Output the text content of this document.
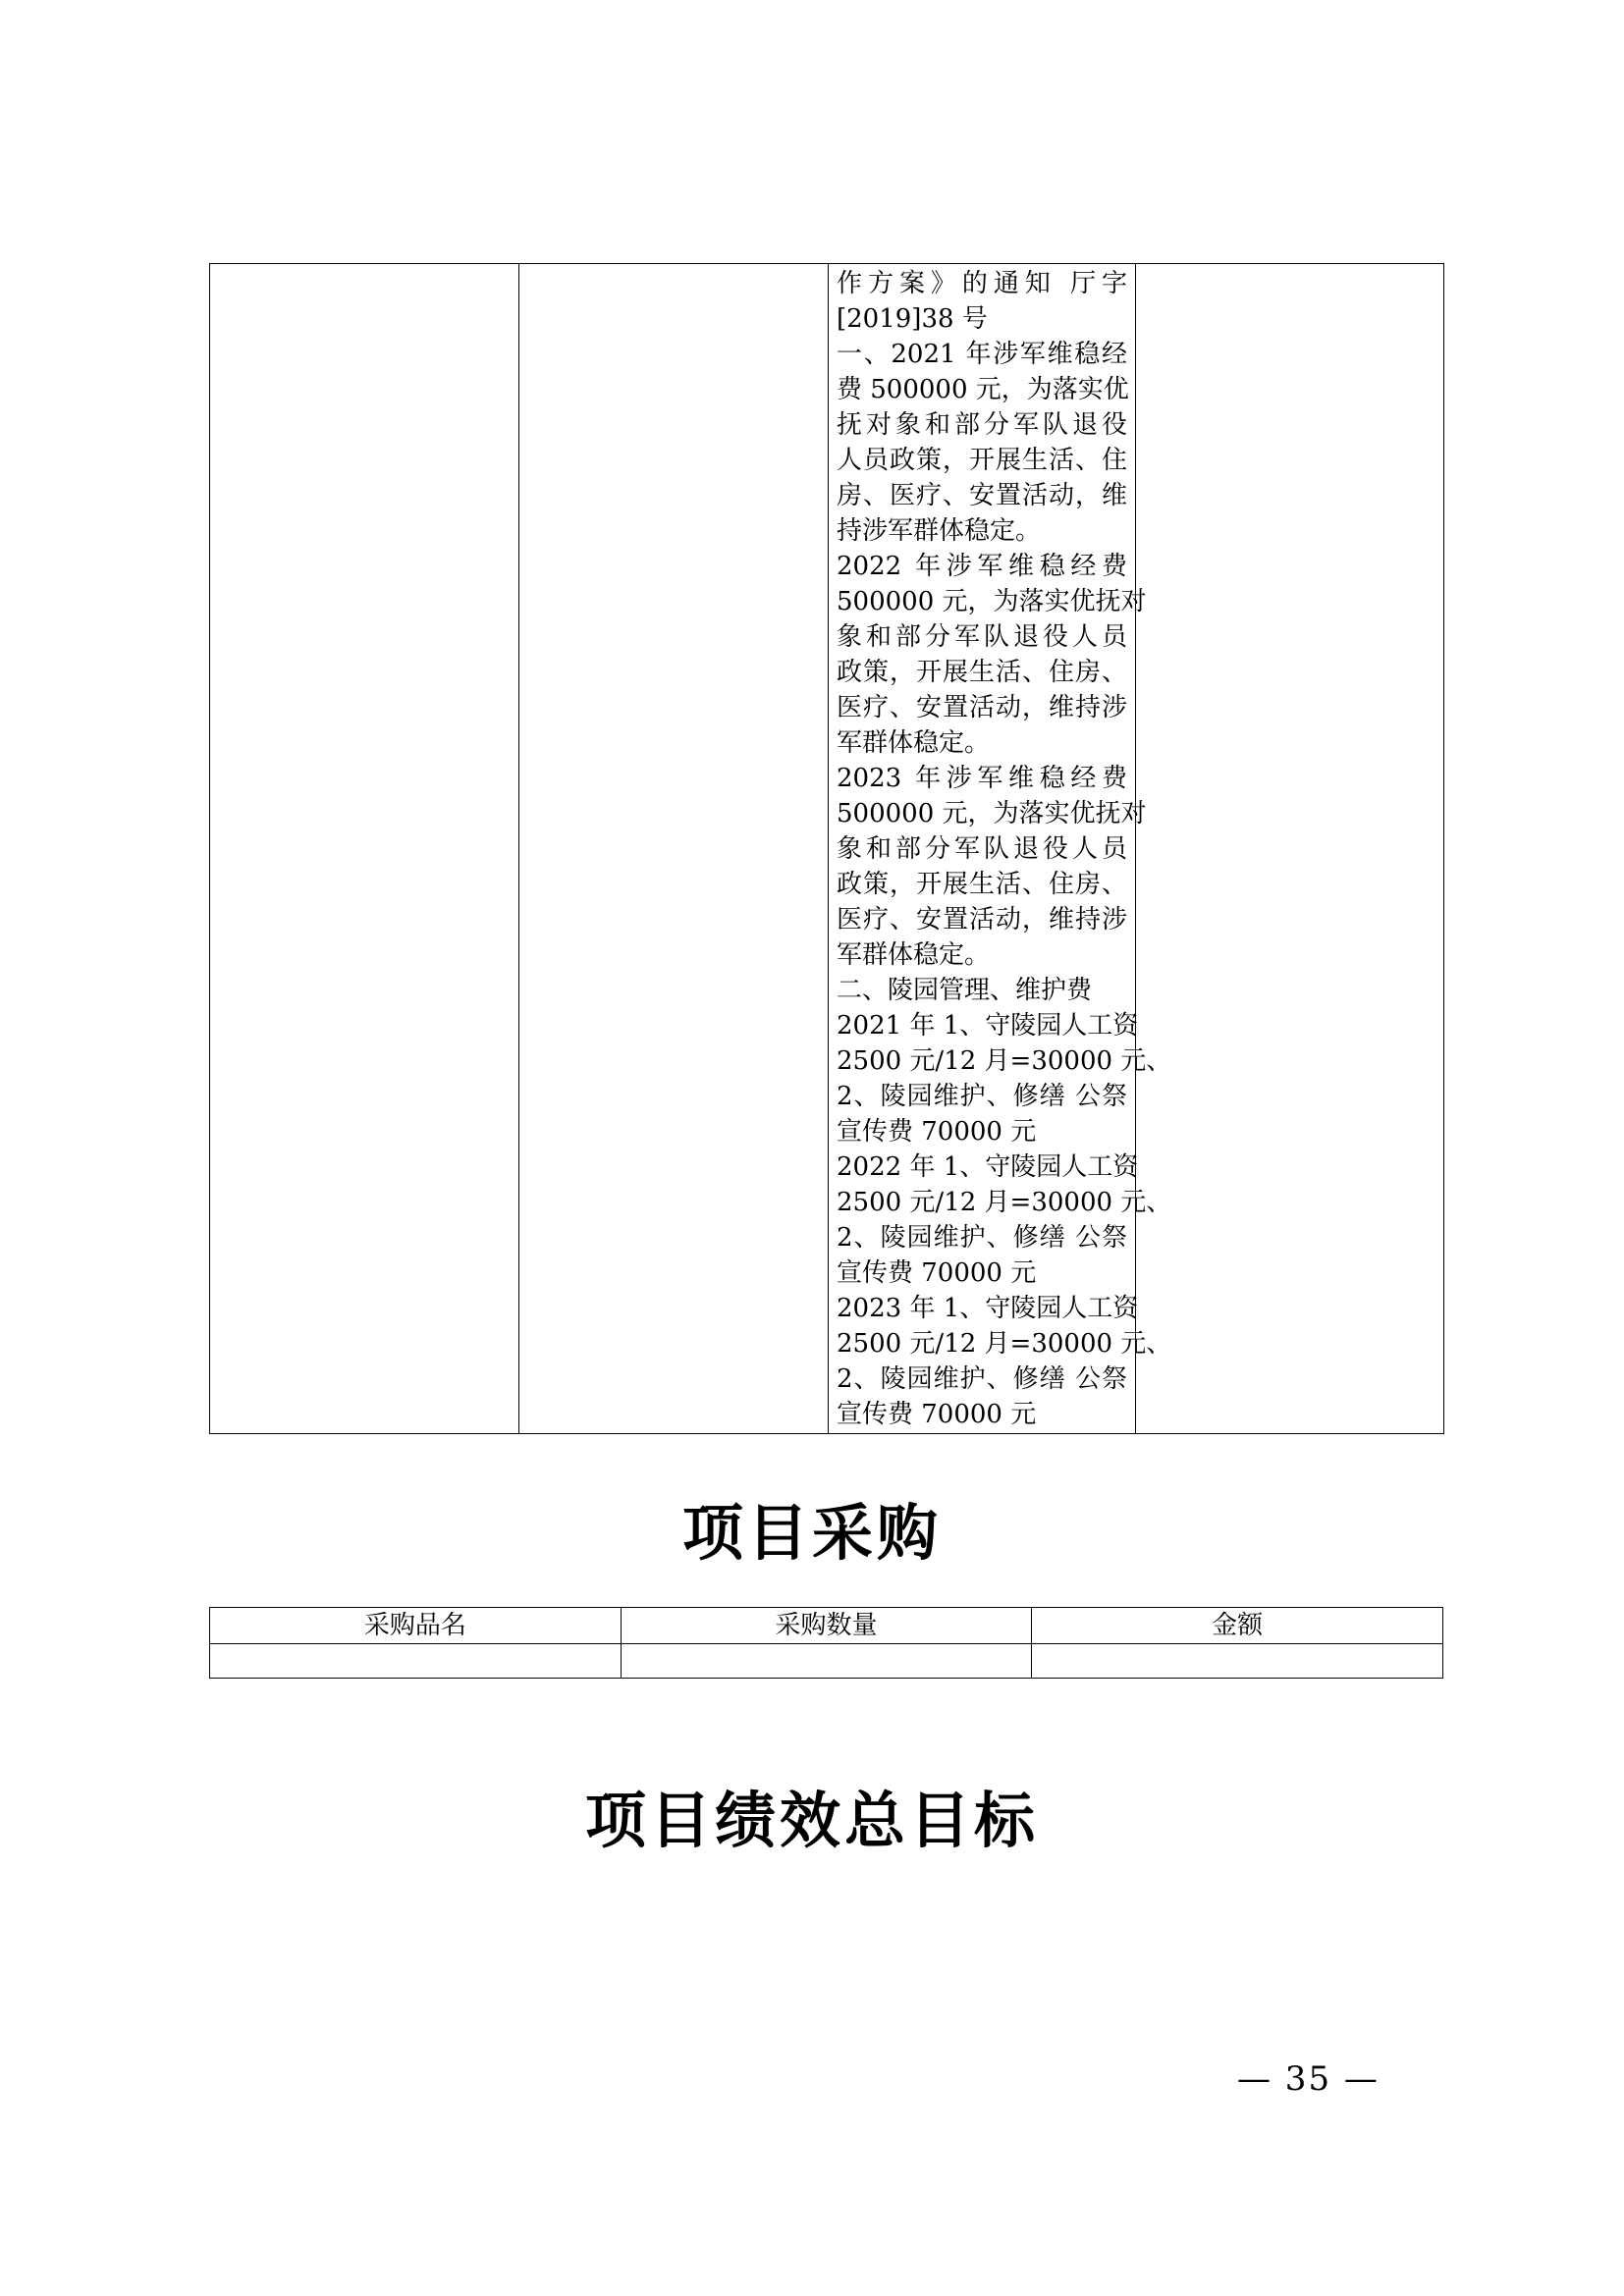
作方案》的通知 厅字
[2019]38 号
一、2021 年涉军维稳经
费 500000 元，为落实优
抚对象和部分军队退役
人员政策，开展生活、住
房、医疗、安置活动，维
持涉军群体稳定。
2022 年涉军维稳经费
500000 元，为落实优抚对
象和部分军队退役人员
政策，开展生活、住房、
医疗、安置活动，维持涉
军群体稳定。
2023 年涉军维稳经费
500000 元，为落实优抚对
象和部分军队退役人员
政策，开展生活、住房、
医疗、安置活动，维持涉
军群体稳定。
二、陵园管理、维护费
2021 年 1、守陵园人工资
2500 元/12 月=30000 元、
2、陵园维护、修缮 公祭
宣传费 70000 元
2022 年 1、守陵园人工资
2500 元/12 月=30000 元、
2、陵园维护、修缮 公祭
宣传费 70000 元
2023 年 1、守陵园人工资
2500 元/12 月=30000 元、
2、陵园维护、修缮 公祭
宣传费 70000 元

项目采购
采购品名	采购数量	金额

项目绩效总目标
— 35 —
